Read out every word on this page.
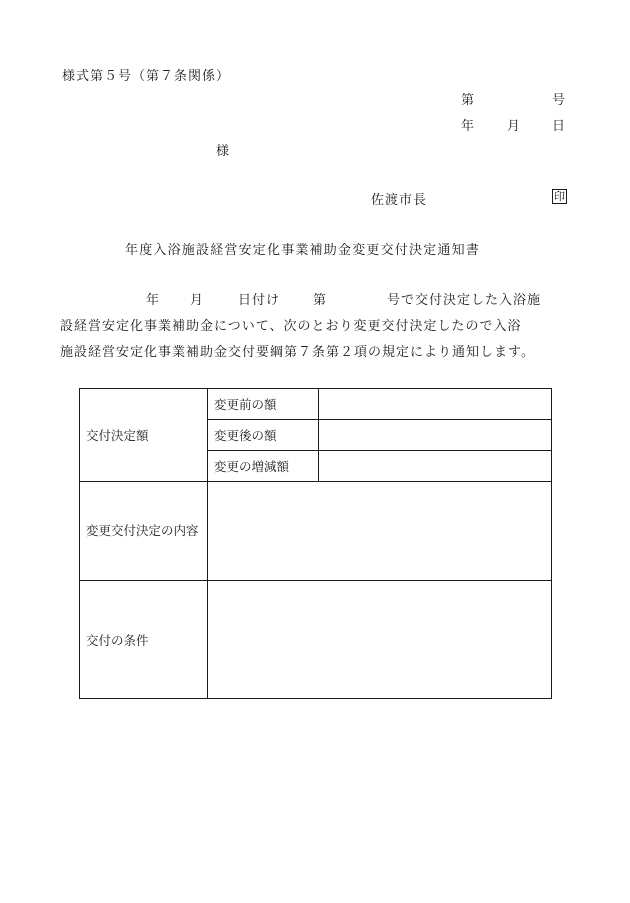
様式第５号（第７条関係）
第	号
年	月 日
様
佐渡市長	印
年度入浴施設経営安定化事業補助金変更交付決定通知書
年 月	日付け	第	号で交付決定した入浴施
設経営安定化事業補助金について、次のとおり変更交付決定したので入浴
施設経営安定化事業補助金交付要綱第７条第２項の規定により通知します。
交付決定額	変更前の額	
	変更後の額	
	変更の増減額	
変更交付決定の内容		
交付の条件		
